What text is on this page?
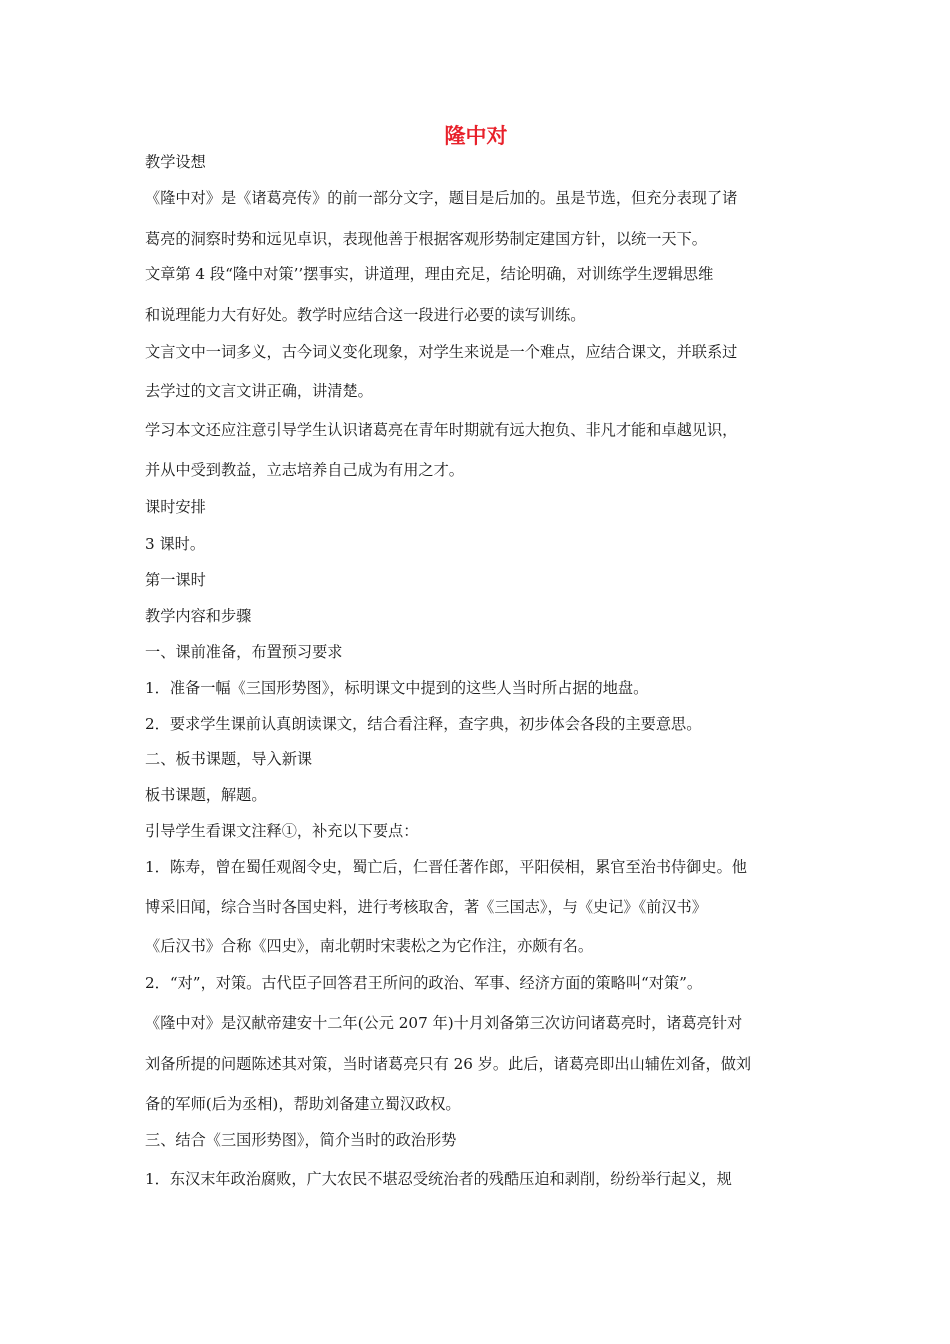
隆中对
教学设想
《隆中对》是《诸葛亮传》的前一部分文字，题目是后加的。虽是节选，但充分表现了诸
葛亮的洞察时势和远见卓识，表现他善于根据客观形势制定建国方针，以统一天下。
文章第 4 段“隆中对策’’摆事实，讲道理，理由充足，结论明确，对训练学生逻辑思维
和说理能力大有好处。教学时应结合这一段进行必要的读写训练。
文言文中一词多义，古今词义变化现象，对学生来说是一个难点，应结合课文，并联系过
去学过的文言文讲正确，讲清楚。
学习本文还应注意引导学生认识诸葛亮在青年时期就有远大抱负、非凡才能和卓越见识，
并从中受到教益，立志培养自己成为有用之才。
课时安排
3 课时。
第一课时
教学内容和步骤
一、课前准备，布置预习要求
1．准备一幅《三国形势图》，标明课文中提到的这些人当时所占据的地盘。
2．要求学生课前认真朗读课文，结合看注释，查字典，初步体会各段的主要意思。
二、板书课题，导入新课
板书课题，解题。
引导学生看课文注释①，补充以下要点：
1．陈寿，曾在蜀任观阁令史，蜀亡后，仁晋任著作郎，平阳侯相，累官至治书侍御史。他
博采旧闻，综合当时各国史料，进行考核取舍，著《三国志》，与《史记》《前汉书》
《后汉书》合称《四史》，南北朝时宋裴松之为它作注，亦颇有名。
2．“对”，对策。古代臣子回答君王所问的政治、军事、经济方面的策略叫“对策”。
《隆中对》是汉献帝建安十二年(公元 207 年)十月刘备第三次访问诸葛亮时，诸葛亮针对
刘备所提的问题陈述其对策，当时诸葛亮只有 26 岁。此后，诸葛亮即出山辅佐刘备，做刘
备的军师(后为丞相)，帮助刘备建立蜀汉政权。
三、结合《三国形势图》，简介当时的政治形势
1．东汉末年政治腐败，广大农民不堪忍受统治者的残酷压迫和剥削，纷纷举行起义，规
